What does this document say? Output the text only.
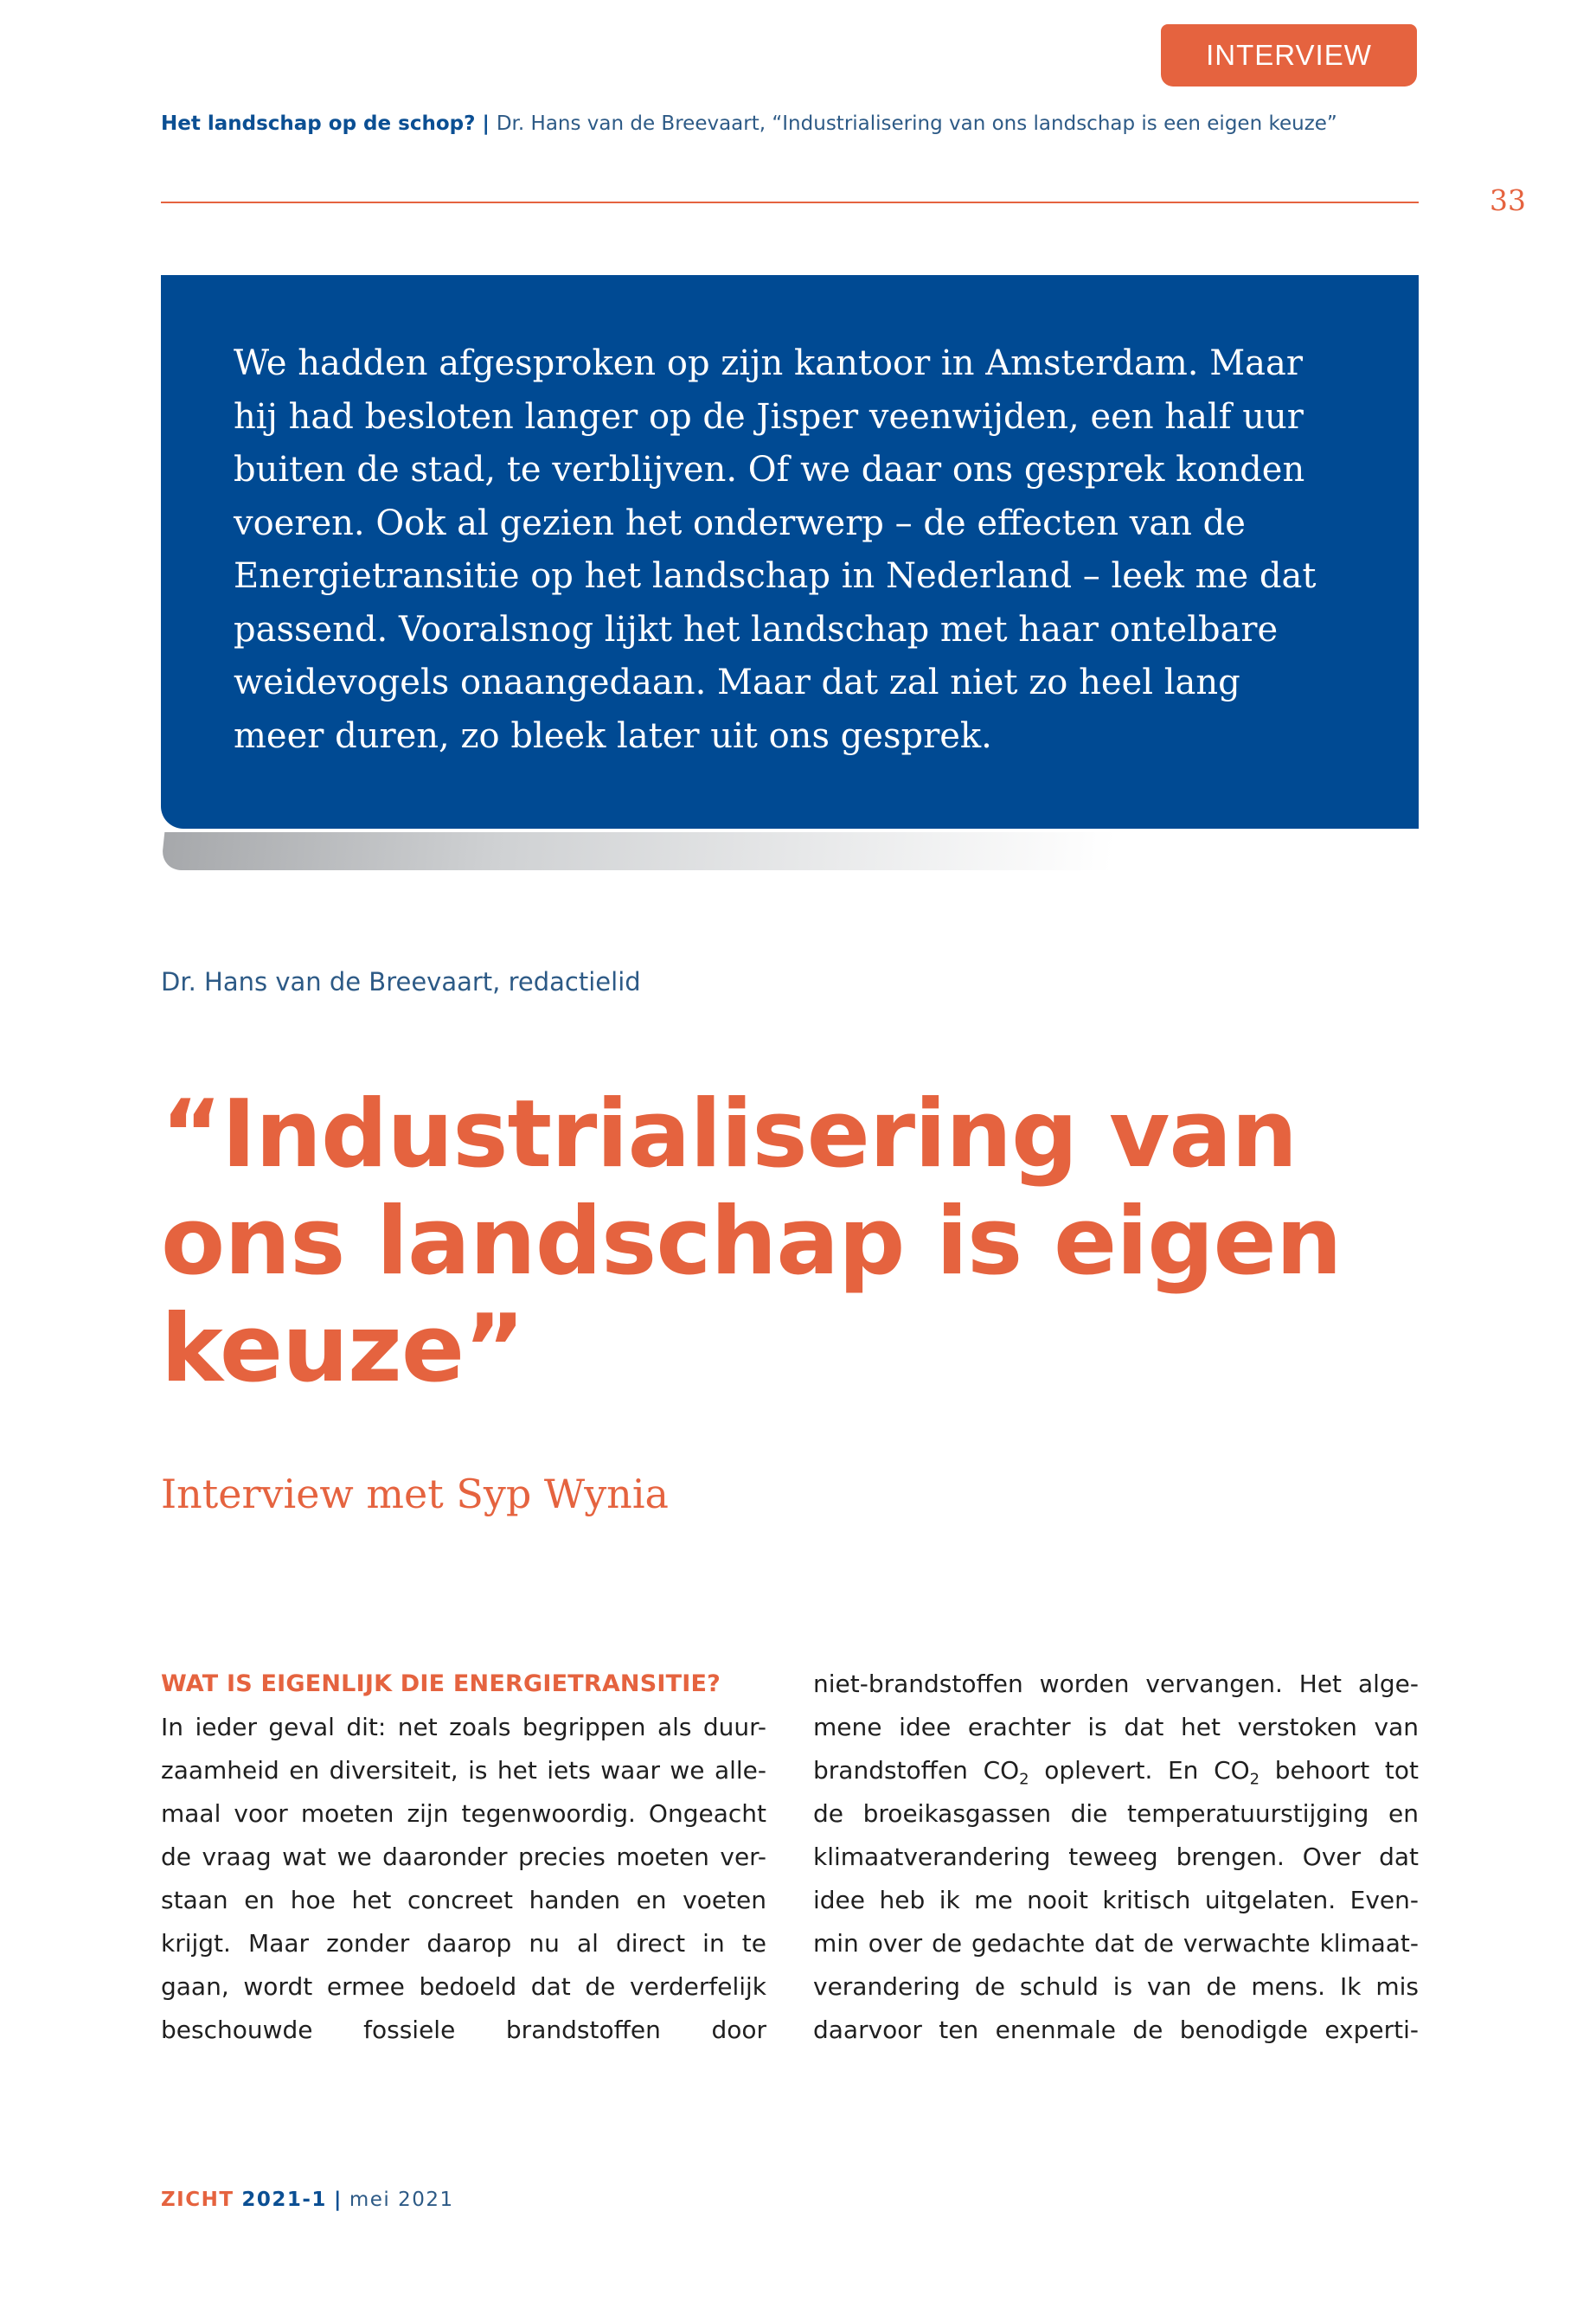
INTERVIEW
Het landschap op de schop? | Dr. Hans van de Breevaart, “Industrialisering van ons landschap is een eigen keuze”
33
We hadden afgesproken op zijn kantoor in Amsterdam. Maar hij had besloten langer op de Jisper veenwijden, een half uur buiten de stad, te verblijven. Of we daar ons gesprek konden voeren. Ook al gezien het onderwerp – de effecten van de Energietransitie op het landschap in Nederland – leek me dat passend. Vooralsnog lijkt het landschap met haar ontelbare weidevogels onaangedaan. Maar dat zal niet zo heel lang meer duren, zo bleek later uit ons gesprek.
Dr. Hans van de Breevaart, redactielid
“Industrialisering van ons landschap is eigen keuze”
Interview met Syp Wynia
WAT IS EIGENLIJK DIE ENERGIETRANSITIE?
In ieder geval dit: net zoals begrippen als duur-
zaamheid en diversiteit, is het iets waar we alle-
maal voor moeten zijn tegenwoordig. Ongeacht
de vraag wat we daaronder precies moeten ver-
staan en hoe het concreet handen en voeten
krijgt. Maar zonder daarop nu al direct in te
gaan, wordt ermee bedoeld dat de verderfelijk
beschouwde fossiele brandstoffen door
niet-brandstoffen worden vervangen. Het alge-
mene idee erachter is dat het verstoken van
brandstoffen $CO_2$ oplevert. En $CO_2$ behoort tot
de broeikasgassen die temperatuurstijging en
klimaatverandering teweeg brengen. Over dat
idee heb ik me nooit kritisch uitgelaten. Even-
min over de gedachte dat de verwachte klimaat-
verandering de schuld is van de mens. Ik mis
daarvoor ten enenmale de benodigde experti-
ZICHT 2021-1 | mei 2021
